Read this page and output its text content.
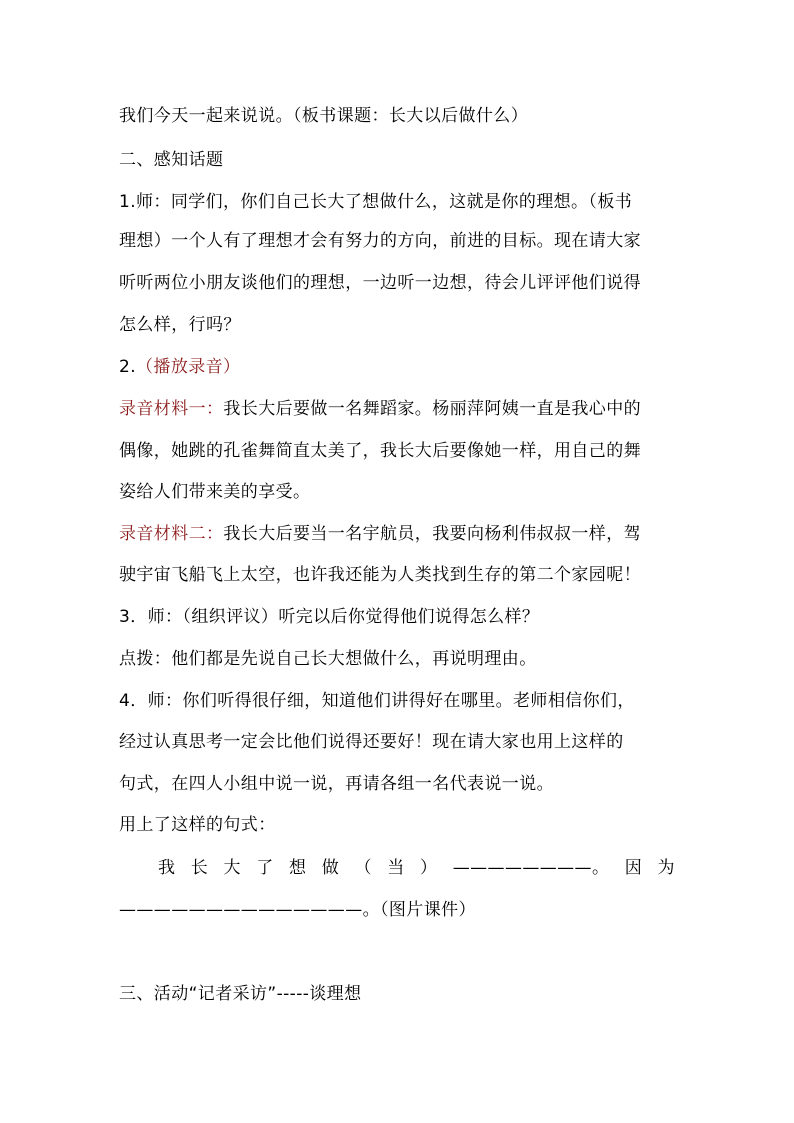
我们今天一起来说说。（板书课题：长大以后做什么）
二、感知话题
1.师：同学们，你们自己长大了想做什么，这就是你的理想。（板书
理想）一个人有了理想才会有努力的方向，前进的目标。现在请大家
听听两位小朋友谈他们的理想，一边听一边想，待会儿评评他们说得
怎么样，行吗？
2.（播放录音）
录音材料一：我长大后要做一名舞蹈家。杨丽萍阿姨一直是我心中的
偶像，她跳的孔雀舞简直太美了，我长大后要像她一样，用自己的舞
姿给人们带来美的享受。
录音材料二：我长大后要当一名宇航员，我要向杨利伟叔叔一样，驾
驶宇宙飞船飞上太空，也许我还能为人类找到生存的第二个家园呢！
3．师：（组织评议）听完以后你觉得他们说得怎么样？
点拨：他们都是先说自己长大想做什么，再说明理由。
4．师：你们听得很仔细，知道他们讲得好在哪里。老师相信你们，
经过认真思考一定会比他们说得还要好！现在请大家也用上这样的
句式，在四人小组中说一说，再请各组一名代表说一说。
用上了这样的句式：
我 长 大 了 想 做 （ 当 ） ————————。 因 为
——————————————。（图片课件）
三、活动“记者采访”-----谈理想
